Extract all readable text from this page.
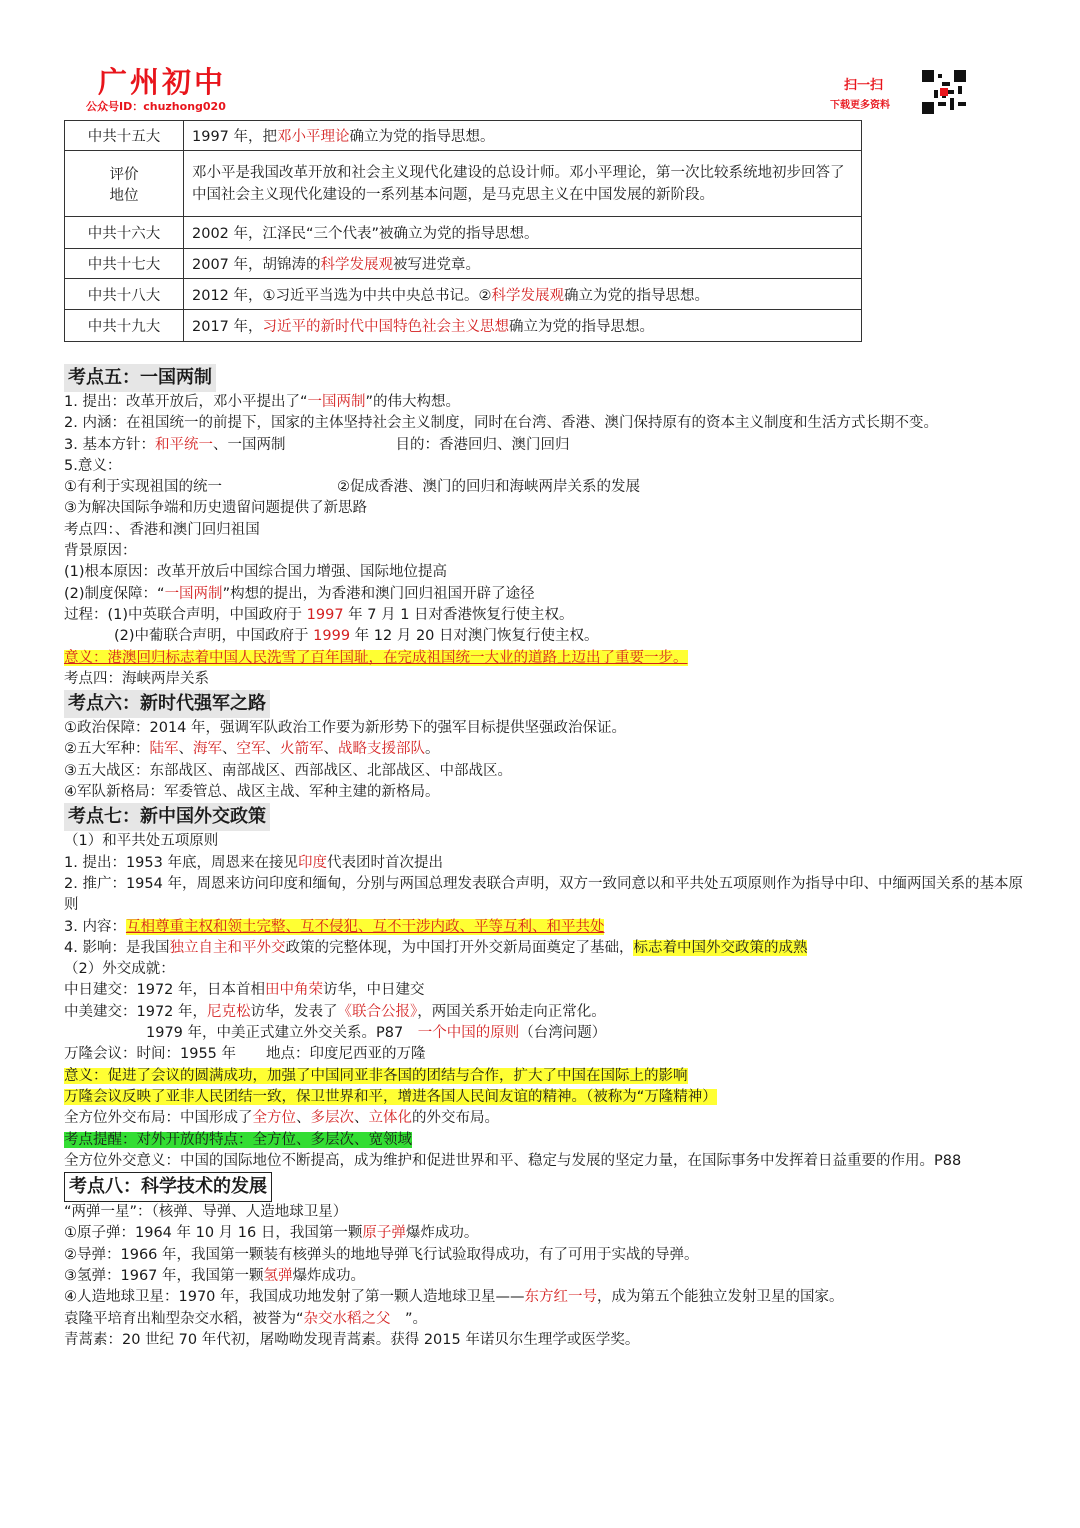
广州初中
公众号ID：chuzhong020
扫一扫
下载更多资料
中共十五大	1997 年，把邓小平理论确立为党的指导思想。
评价
地位	邓小平是我国改革开放和社会主义现代化建设的总设计师。邓小平理论，第一次比较系统地初步回答了中国社会主义现代化建设的一系列基本问题，是马克思主义在中国发展的新阶段。
中共十六大	2002 年，江泽民“三个代表”被确立为党的指导思想。
中共十七大	2007 年，胡锦涛的科学发展观被写进党章。
中共十八大	2012 年，①习近平当选为中共中央总书记。②科学发展观确立为党的指导思想。
中共十九大	2017 年，习近平的新时代中国特色社会主义思想确立为党的指导思想。
考点五：一国两制
1. 提出：改革开放后，邓小平提出了“一国两制”的伟大构想。
2. 内涵：在祖国统一的前提下，国家的主体坚持社会主义制度，同时在台湾、香港、澳门保持原有的资本主义制度和生活方式长期不变。
3. 基本方针：和平统一、一国两制	目的：香港回归、澳门回归
5.意义：
①有利于实现祖国的统一	②促成香港、澳门的回归和海峡两岸关系的发展
③为解决国际争端和历史遗留问题提供了新思路
考点四：、香港和澳门回归祖国
背景原因：
(1)根本原因：改革开放后中国综合国力增强、国际地位提高
(2)制度保障：“一国两制”构想的提出，为香港和澳门回归祖国开辟了途径
过程：(1)中英联合声明，中国政府于 1997 年 7 月 1 日对香港恢复行使主权。
(2)中葡联合声明，中国政府于 1999 年 12 月 20 日对澳门恢复行使主权。
意义：港澳回归标志着中国人民洗雪了百年国耻，在完成祖国统一大业的道路上迈出了重要一步。
考点四：海峡两岸关系
考点六：新时代强军之路
①政治保障：2014 年，强调军队政治工作要为新形势下的强军目标提供坚强政治保证。
②五大军种：陆军、海军、空军、火箭军、战略支援部队。
③五大战区：东部战区、南部战区、西部战区、北部战区、中部战区。
④军队新格局：军委管总、战区主战、军种主建的新格局。
考点七：新中国外交政策
（1）和平共处五项原则
1. 提出：1953 年底，周恩来在接见印度代表团时首次提出
2. 推广：1954 年，周恩来访问印度和缅甸，分别与两国总理发表联合声明，双方一致同意以和平共处五项原则作为指导中印、中缅两国关系的基本原则
3. 内容：互相尊重主权和领土完整、互不侵犯、互不干涉内政、平等互利、和平共处
4. 影响：是我国独立自主和平外交政策的完整体现，为中国打开外交新局面奠定了基础，标志着中国外交政策的成熟
（2）外交成就：
中日建交：1972 年，日本首相田中角荣访华，中日建交
中美建交：1972 年，尼克松访华，发表了《联合公报》，两国关系开始走向正常化。
1979 年，中美正式建立外交关系。P87　一个中国的原则（台湾问题）
万隆会议：时间：1955 年 地点：印度尼西亚的万隆
意义：促进了会议的圆满成功，加强了中国同亚非各国的团结与合作，扩大了中国在国际上的影响
万隆会议反映了亚非人民团结一致，保卫世界和平，增进各国人民间友谊的精神。（被称为“万隆精神）
全方位外交布局：中国形成了全方位、多层次、立体化的外交布局。
考点提醒：对外开放的特点：全方位、多层次、宽领域
全方位外交意义：中国的国际地位不断提高，成为维护和促进世界和平、稳定与发展的坚定力量，在国际事务中发挥着日益重要的作用。P88
考点八：科学技术的发展
“两弹一星”：（核弹、导弹、人造地球卫星）
①原子弹：1964 年 10 月 16 日，我国第一颗原子弹爆炸成功。
②导弹：1966 年，我国第一颗装有核弹头的地地导弹飞行试验取得成功，有了可用于实战的导弹。
③氢弹：1967 年，我国第一颗氢弹爆炸成功。
④人造地球卫星：1970 年，我国成功地发射了第一颗人造地球卫星——东方红一号，成为第五个能独立发射卫星的国家。
袁隆平培育出籼型杂交水稻，被誉为“杂交水稻之父　”。
青蒿素：20 世纪 70 年代初，屠呦呦发现青蒿素。获得 2015 年诺贝尔生理学或医学奖。
